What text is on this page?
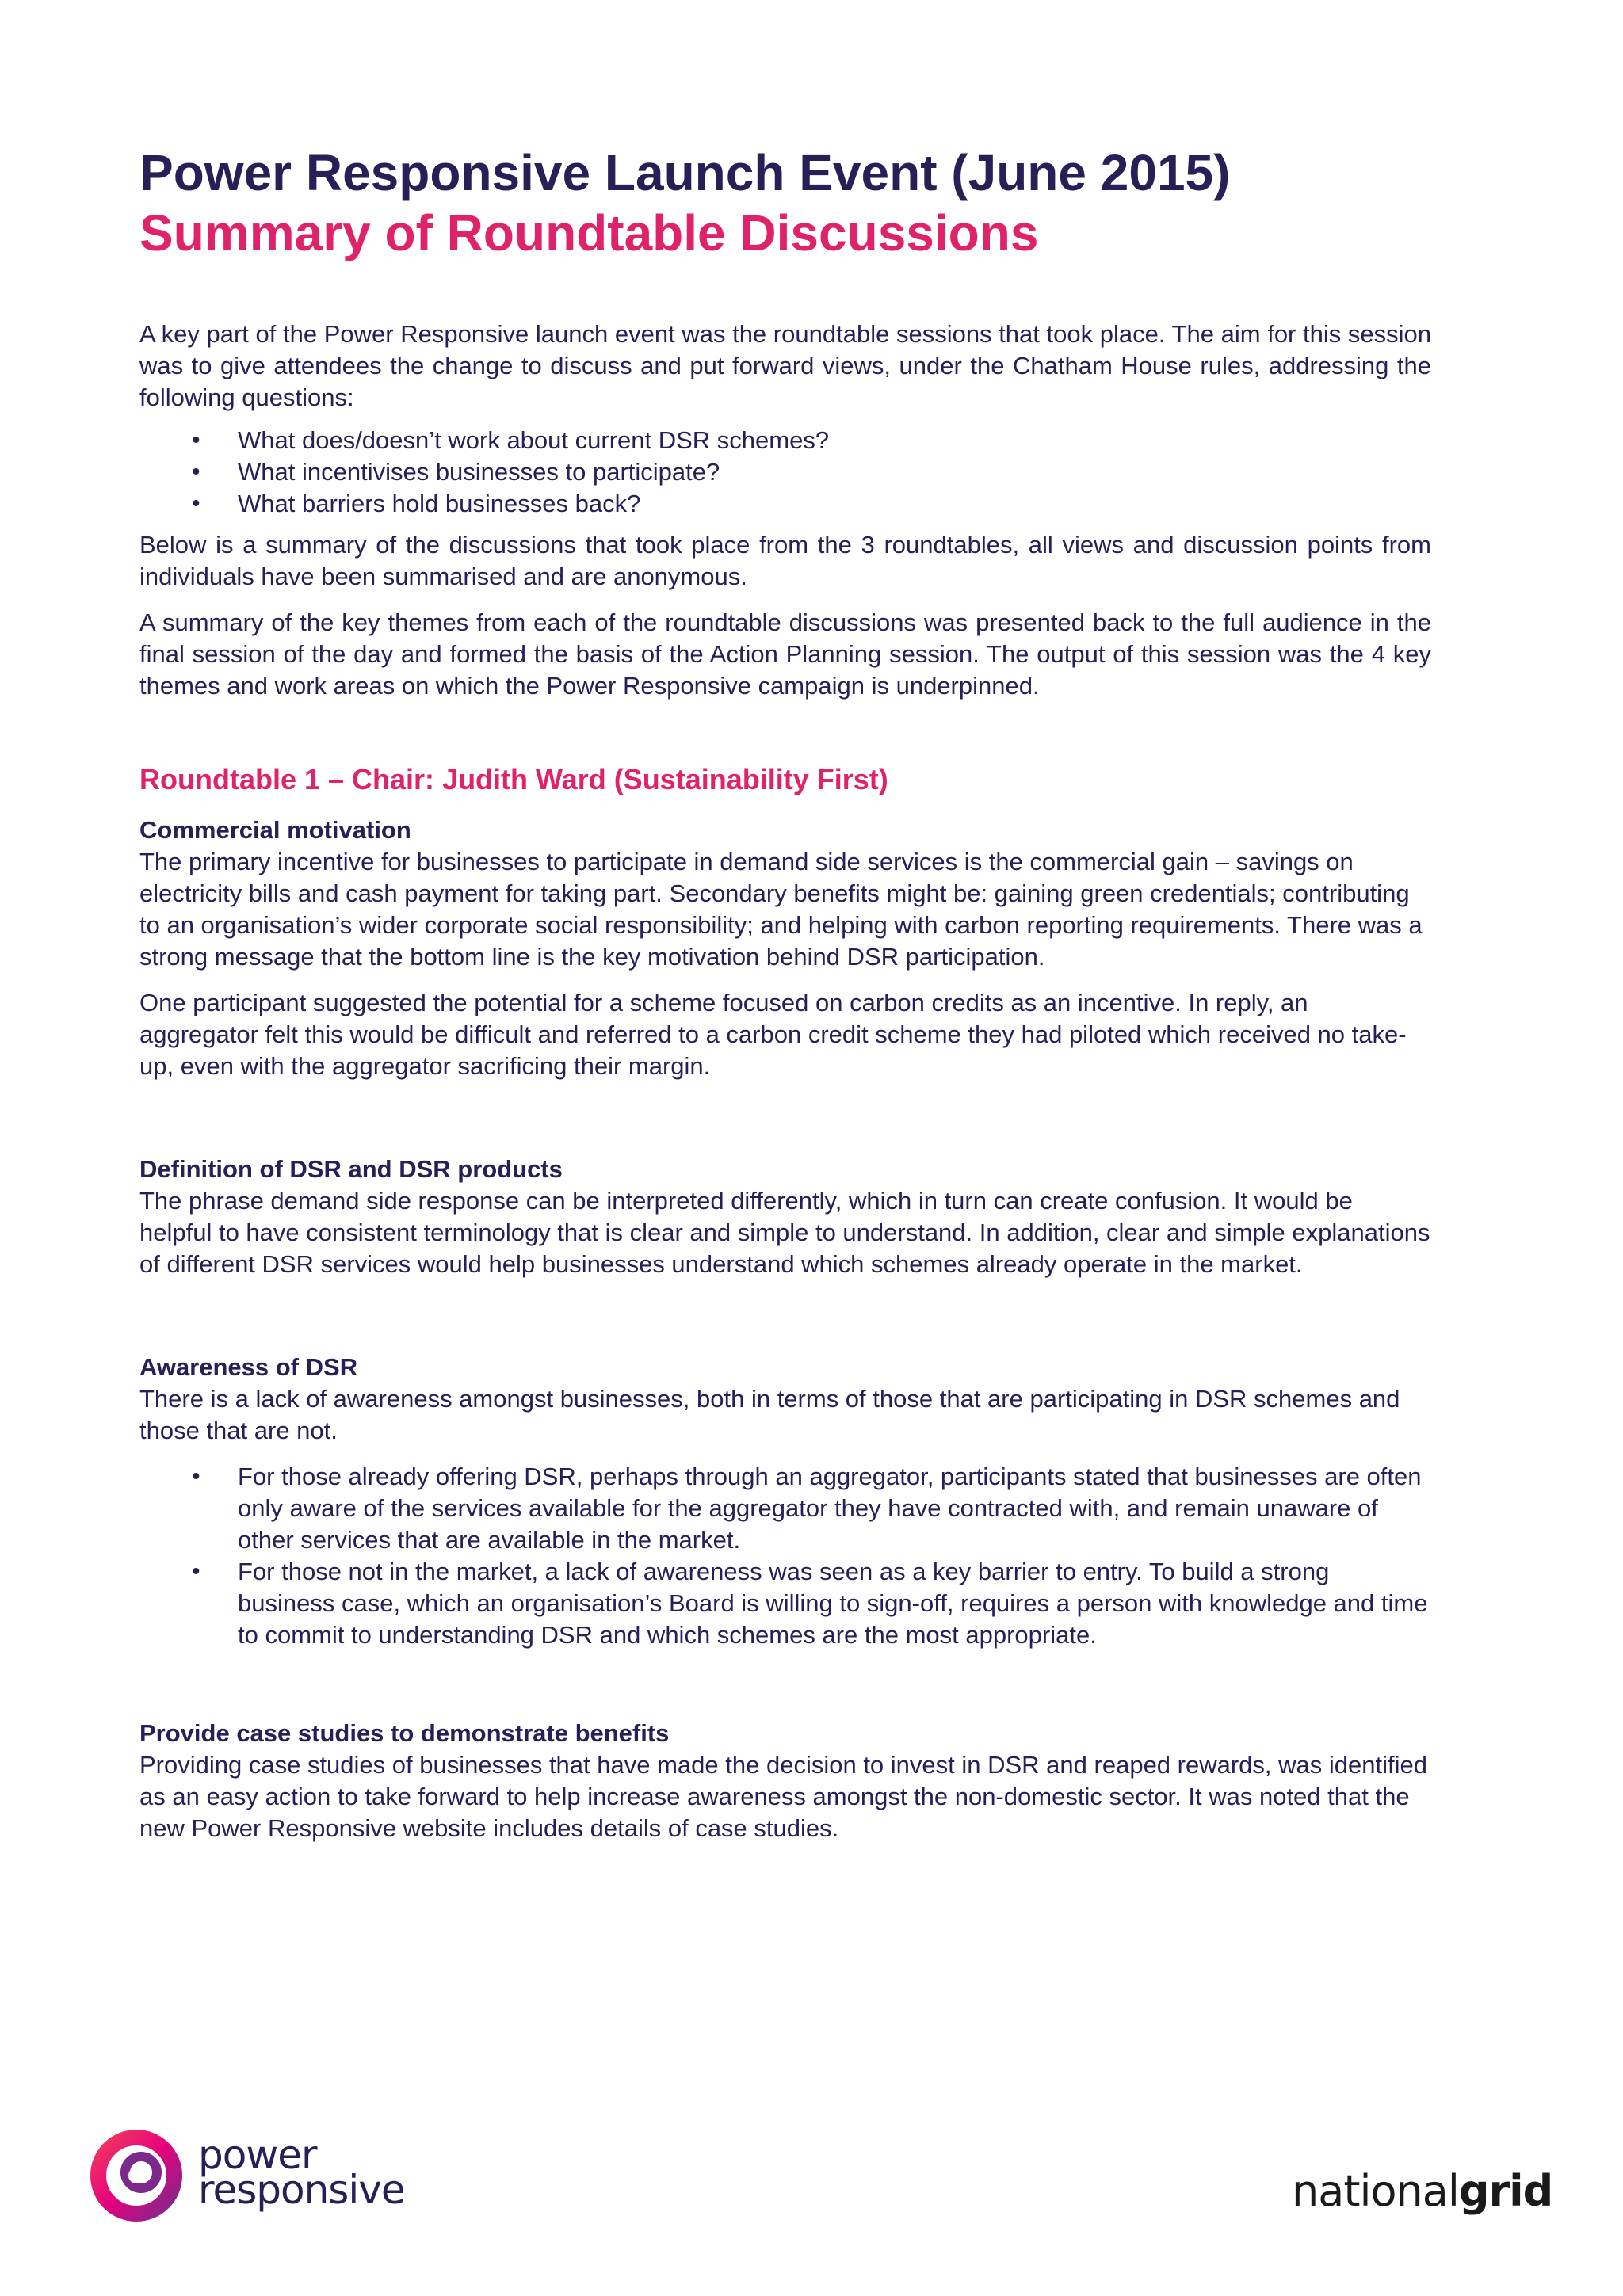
Power Responsive Launch Event (June 2015)
Summary of Roundtable Discussions

A key part of the Power Responsive launch event was the roundtable sessions that took place. The aim for this session was to give attendees the change to discuss and put forward views, under the Chatham House rules, addressing the following questions:

• What does/doesn’t work about current DSR schemes?
• What incentivises businesses to participate?
• What barriers hold businesses back?

Below is a summary of the discussions that took place from the 3 roundtables, all views and discussion points from individuals have been summarised and are anonymous.

A summary of the key themes from each of the roundtable discussions was presented back to the full audience in the final session of the day and formed the basis of the Action Planning session. The output of this session was the 4 key themes and work areas on which the Power Responsive campaign is underpinned.

Roundtable 1 – Chair: Judith Ward (Sustainability First)

Commercial motivation

The primary incentive for businesses to participate in demand side services is the commercial gain – savings on electricity bills and cash payment for taking part. Secondary benefits might be: gaining green credentials; contributing to an organisation’s wider corporate social responsibility; and helping with carbon reporting requirements. There was a strong message that the bottom line is the key motivation behind DSR participation.

One participant suggested the potential for a scheme focused on carbon credits as an incentive. In reply, an aggregator felt this would be difficult and referred to a carbon credit scheme they had piloted which received no take-up, even with the aggregator sacrificing their margin.

Definition of DSR and DSR products

The phrase demand side response can be interpreted differently, which in turn can create confusion. It would be helpful to have consistent terminology that is clear and simple to understand. In addition, clear and simple explanations of different DSR services would help businesses understand which schemes already operate in the market.

Awareness of DSR

There is a lack of awareness amongst businesses, both in terms of those that are participating in DSR schemes and those that are not.

• For those already offering DSR, perhaps through an aggregator, participants stated that businesses are often only aware of the services available for the aggregator they have contracted with, and remain unaware of other services that are available in the market.
• For those not in the market, a lack of awareness was seen as a key barrier to entry. To build a strong business case, which an organisation’s Board is willing to sign-off, requires a person with knowledge and time to commit to understanding DSR and which schemes are the most appropriate.

Provide case studies to demonstrate benefits

Providing case studies of businesses that have made the decision to invest in DSR and reaped rewards, was identified as an easy action to take forward to help increase awareness amongst the non-domestic sector. It was noted that the new Power Responsive website includes details of case studies.

power
responsive	nationalgrid
